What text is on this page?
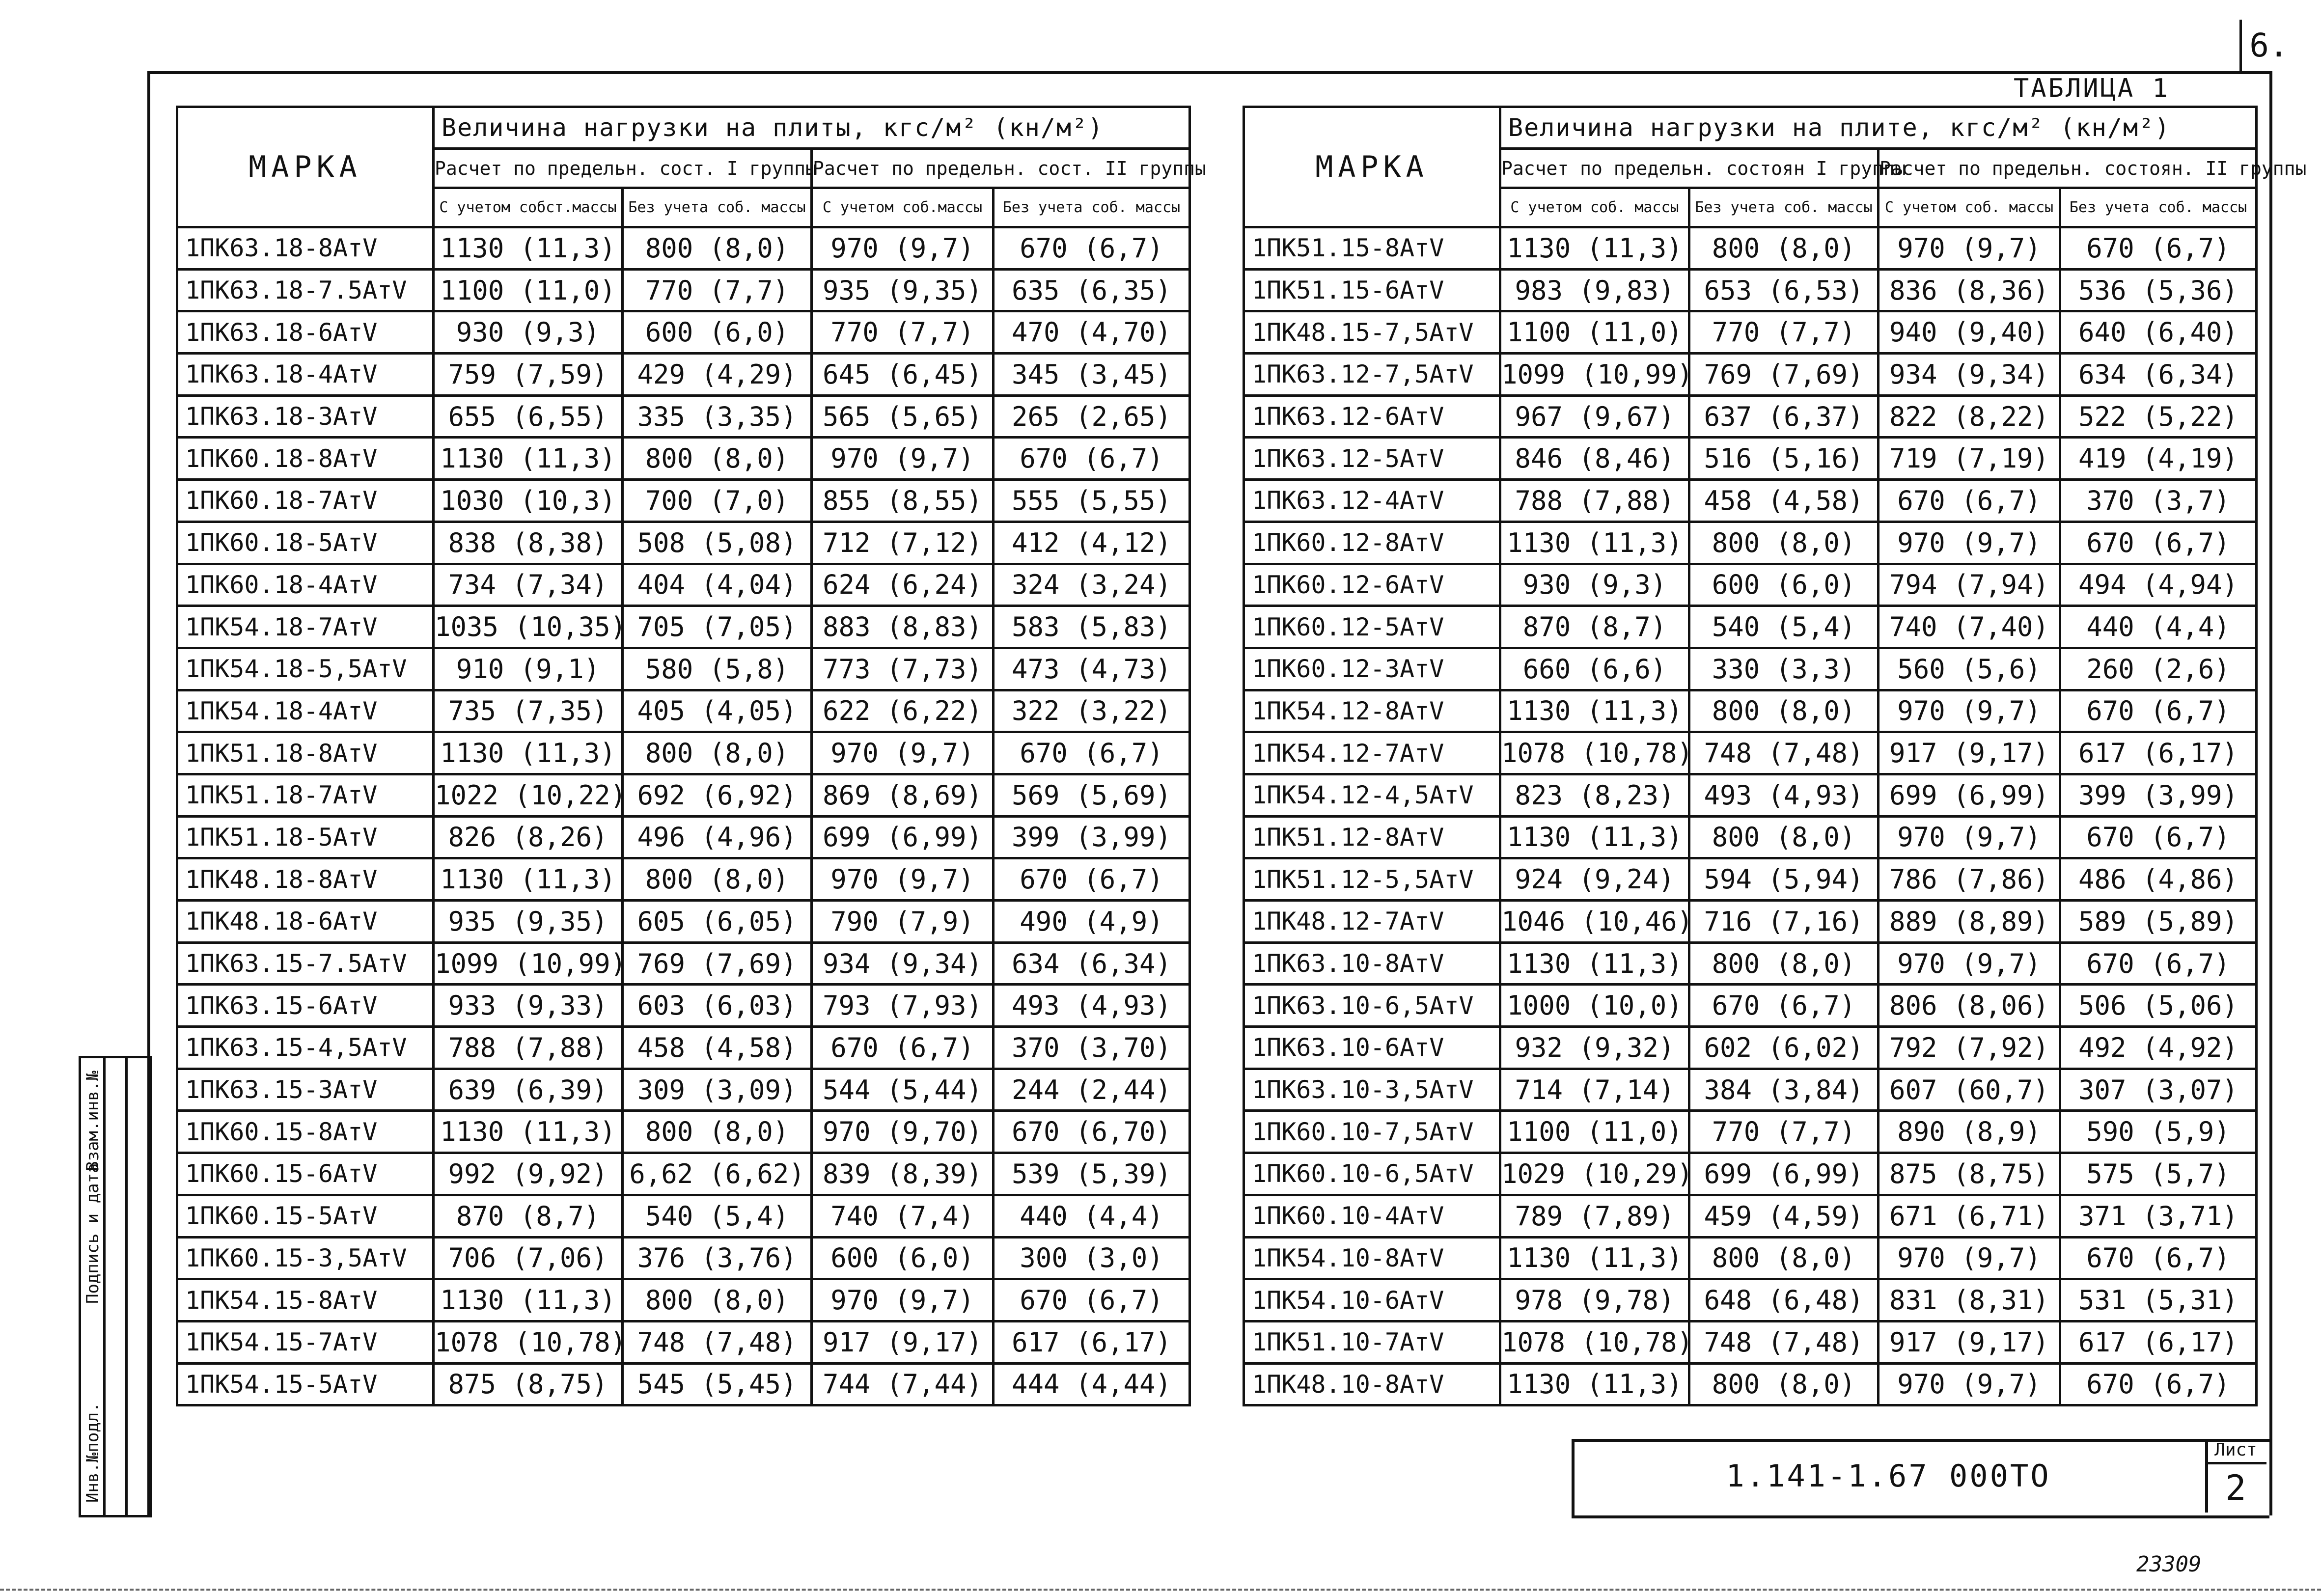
6.
ТАБЛИЦА 1
МАРКА	Величина нагрузки на плиты, кгс/м² (кн/м²)			
	Расчет по предельн. сост. I группы		Расчет по предельн. сост. II группы	
	С учетом собст.массы	Без учета соб. массы	С учетом соб.массы	Без учета соб. массы
1ПК63.18-8АтV	1130 (11,3)	800 (8,0)	970 (9,7)	670 (6,7)
1ПК63.18-7.5АтV	1100 (11,0)	770 (7,7)	935 (9,35)	635 (6,35)
1ПК63.18-6АтV	930 (9,3)	600 (6,0)	770 (7,7)	470 (4,70)
1ПК63.18-4АтV	759 (7,59)	429 (4,29)	645 (6,45)	345 (3,45)
1ПК63.18-3АтV	655 (6,55)	335 (3,35)	565 (5,65)	265 (2,65)
1ПК60.18-8АтV	1130 (11,3)	800 (8,0)	970 (9,7)	670 (6,7)
1ПК60.18-7АтV	1030 (10,3)	700 (7,0)	855 (8,55)	555 (5,55)
1ПК60.18-5АтV	838 (8,38)	508 (5,08)	712 (7,12)	412 (4,12)
1ПК60.18-4АтV	734 (7,34)	404 (4,04)	624 (6,24)	324 (3,24)
1ПК54.18-7АтV	1035 (10,35)	705 (7,05)	883 (8,83)	583 (5,83)
1ПК54.18-5,5АтV	910 (9,1)	580 (5,8)	773 (7,73)	473 (4,73)
1ПК54.18-4АтV	735 (7,35)	405 (4,05)	622 (6,22)	322 (3,22)
1ПК51.18-8АтV	1130 (11,3)	800 (8,0)	970 (9,7)	670 (6,7)
1ПК51.18-7АтV	1022 (10,22)	692 (6,92)	869 (8,69)	569 (5,69)
1ПК51.18-5АтV	826 (8,26)	496 (4,96)	699 (6,99)	399 (3,99)
1ПК48.18-8АтV	1130 (11,3)	800 (8,0)	970 (9,7)	670 (6,7)
1ПК48.18-6АтV	935 (9,35)	605 (6,05)	790 (7,9)	490 (4,9)
1ПК63.15-7.5АтV	1099 (10,99)	769 (7,69)	934 (9,34)	634 (6,34)
1ПК63.15-6АтV	933 (9,33)	603 (6,03)	793 (7,93)	493 (4,93)
1ПК63.15-4,5АтV	788 (7,88)	458 (4,58)	670 (6,7)	370 (3,70)
1ПК63.15-3АтV	639 (6,39)	309 (3,09)	544 (5,44)	244 (2,44)
1ПК60.15-8АтV	1130 (11,3)	800 (8,0)	970 (9,70)	670 (6,70)
1ПК60.15-6АтV	992 (9,92)	6,62 (6,62)	839 (8,39)	539 (5,39)
1ПК60.15-5АтV	870 (8,7)	540 (5,4)	740 (7,4)	440 (4,4)
1ПК60.15-3,5АтV	706 (7,06)	376 (3,76)	600 (6,0)	300 (3,0)
1ПК54.15-8АтV	1130 (11,3)	800 (8,0)	970 (9,7)	670 (6,7)
1ПК54.15-7АтV	1078 (10,78)	748 (7,48)	917 (9,17)	617 (6,17)
1ПК54.15-5АтV	875 (8,75)	545 (5,45)	744 (7,44)	444 (4,44)
МАРКА	Величина нагрузки на плите, кгс/м² (кн/м²)			
	Расчет по предельн. состоян I группы		Расчет по предельн. состоян. II группы	
	С учетом соб. массы	Без учета соб. массы	С учетом соб. массы	Без учета соб. массы
1ПК51.15-8АтV	1130 (11,3)	800 (8,0)	970 (9,7)	670 (6,7)
1ПК51.15-6АтV	983 (9,83)	653 (6,53)	836 (8,36)	536 (5,36)
1ПК48.15-7,5АтV	1100 (11,0)	770 (7,7)	940 (9,40)	640 (6,40)
1ПК63.12-7,5АтV	1099 (10,99)	769 (7,69)	934 (9,34)	634 (6,34)
1ПК63.12-6АтV	967 (9,67)	637 (6,37)	822 (8,22)	522 (5,22)
1ПК63.12-5АтV	846 (8,46)	516 (5,16)	719 (7,19)	419 (4,19)
1ПК63.12-4АтV	788 (7,88)	458 (4,58)	670 (6,7)	370 (3,7)
1ПК60.12-8АтV	1130 (11,3)	800 (8,0)	970 (9,7)	670 (6,7)
1ПК60.12-6АтV	930 (9,3)	600 (6,0)	794 (7,94)	494 (4,94)
1ПК60.12-5АтV	870 (8,7)	540 (5,4)	740 (7,40)	440 (4,4)
1ПК60.12-3АтV	660 (6,6)	330 (3,3)	560 (5,6)	260 (2,6)
1ПК54.12-8АтV	1130 (11,3)	800 (8,0)	970 (9,7)	670 (6,7)
1ПК54.12-7АтV	1078 (10,78)	748 (7,48)	917 (9,17)	617 (6,17)
1ПК54.12-4,5АтV	823 (8,23)	493 (4,93)	699 (6,99)	399 (3,99)
1ПК51.12-8АтV	1130 (11,3)	800 (8,0)	970 (9,7)	670 (6,7)
1ПК51.12-5,5АтV	924 (9,24)	594 (5,94)	786 (7,86)	486 (4,86)
1ПК48.12-7АтV	1046 (10,46)	716 (7,16)	889 (8,89)	589 (5,89)
1ПК63.10-8АтV	1130 (11,3)	800 (8,0)	970 (9,7)	670 (6,7)
1ПК63.10-6,5АтV	1000 (10,0)	670 (6,7)	806 (8,06)	506 (5,06)
1ПК63.10-6АтV	932 (9,32)	602 (6,02)	792 (7,92)	492 (4,92)
1ПК63.10-3,5АтV	714 (7,14)	384 (3,84)	607 (60,7)	307 (3,07)
1ПК60.10-7,5АтV	1100 (11,0)	770 (7,7)	890 (8,9)	590 (5,9)
1ПК60.10-6,5АтV	1029 (10,29)	699 (6,99)	875 (8,75)	575 (5,7)
1ПК60.10-4АтV	789 (7,89)	459 (4,59)	671 (6,71)	371 (3,71)
1ПК54.10-8АтV	1130 (11,3)	800 (8,0)	970 (9,7)	670 (6,7)
1ПК54.10-6АтV	978 (9,78)	648 (6,48)	831 (8,31)	531 (5,31)
1ПК51.10-7АтV	1078 (10,78)	748 (7,48)	917 (9,17)	617 (6,17)
1ПК48.10-8АтV	1130 (11,3)	800 (8,0)	970 (9,7)	670 (6,7)
1.141-1.67 000ТО
Лист
2
Инв.№подл.
Подпись и дата
Взам.инв.№
23309
